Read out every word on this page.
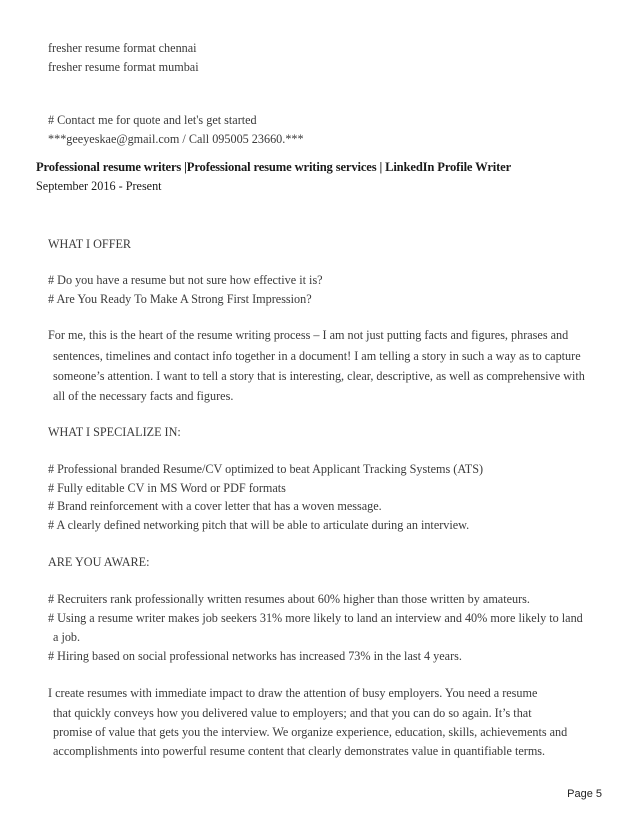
fresher resume format chennai
fresher resume format mumbai
# Contact me for quote and let's get started
***geeyeskae@gmail.com / Call 095005 23660.***
Professional resume writers |Professional resume writing services | LinkedIn Profile Writer
September 2016 - Present
WHAT I OFFER
# Do you have a resume but not sure how effective it is?
# Are You Ready To Make A Strong First Impression?
For me, this is the heart of the resume writing process – I am not just putting facts and figures, phrases and
sentences, timelines and contact info together in a document! I am telling a story in such a way as to capture
someone’s attention. I want to tell a story that is interesting, clear, descriptive, as well as comprehensive with
all of the necessary facts and figures.
WHAT I SPECIALIZE IN:
# Professional branded Resume/CV optimized to beat Applicant Tracking Systems (ATS)
# Fully editable CV in MS Word or PDF formats
# Brand reinforcement with a cover letter that has a woven message.
# A clearly defined networking pitch that will be able to articulate during an interview.
ARE YOU AWARE:
# Recruiters rank professionally written resumes about 60% higher than those written by amateurs.
# Using a resume writer makes job seekers 31% more likely to land an interview and 40% more likely to land
a job.
# Hiring based on social professional networks has increased 73% in the last 4 years.
I create resumes with immediate impact to draw the attention of busy employers. You need a resume
that quickly conveys how you delivered value to employers; and that you can do so again. It’s that
promise of value that gets you the interview. We organize experience, education, skills, achievements and
accomplishments into powerful resume content that clearly demonstrates value in quantifiable terms.
Page 5
